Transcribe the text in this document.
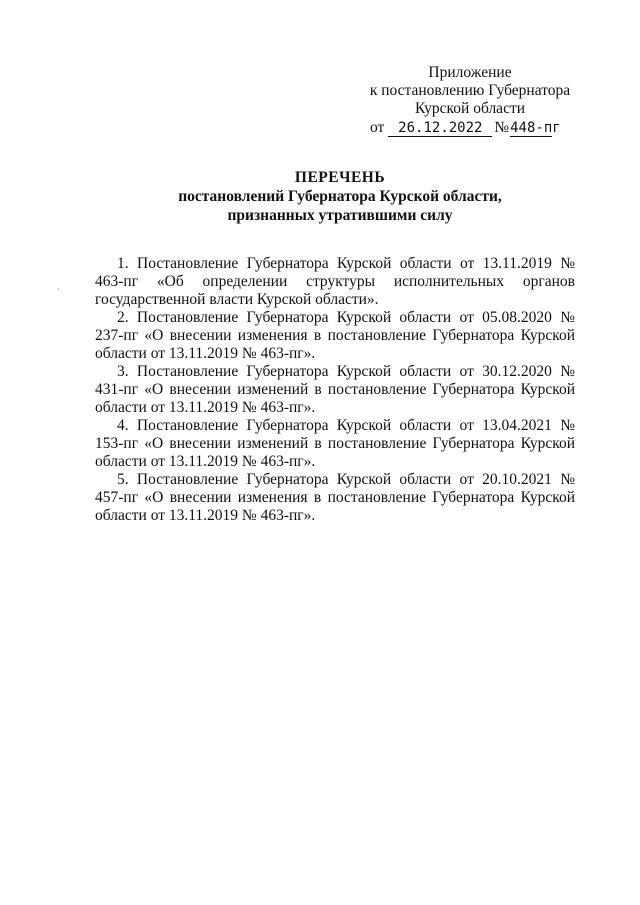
Приложение
к постановлению Губернатора
Курской области
от 26.12.2022 №448-пг
ПЕРЕЧЕНЬ
постановлений Губернатора Курской области,
признанных утратившими силу
⸱

1. Постановление Губернатора Курской области от 13.11.2019 № 463-пг «Об определении структуры исполнительных органов государственной власти Курской области».

2. Постановление Губернатора Курской области от 05.08.2020 № 237-пг «О внесении изменения в постановление Губернатора Курской области от 13.11.2019 № 463-пг».

3. Постановление Губернатора Курской области от 30.12.2020 № 431-пг «О внесении изменений в постановление Губернатора Курской области от 13.11.2019 № 463-пг».

4. Постановление Губернатора Курской области от 13.04.2021 № 153-пг «О внесении изменений в постановление Губернатора Курской области от 13.11.2019 № 463-пг».

5. Постановление Губернатора Курской области от 20.10.2021 № 457-пг «О внесении изменения в постановление Губернатора Курской области от 13.11.2019 № 463-пг».
